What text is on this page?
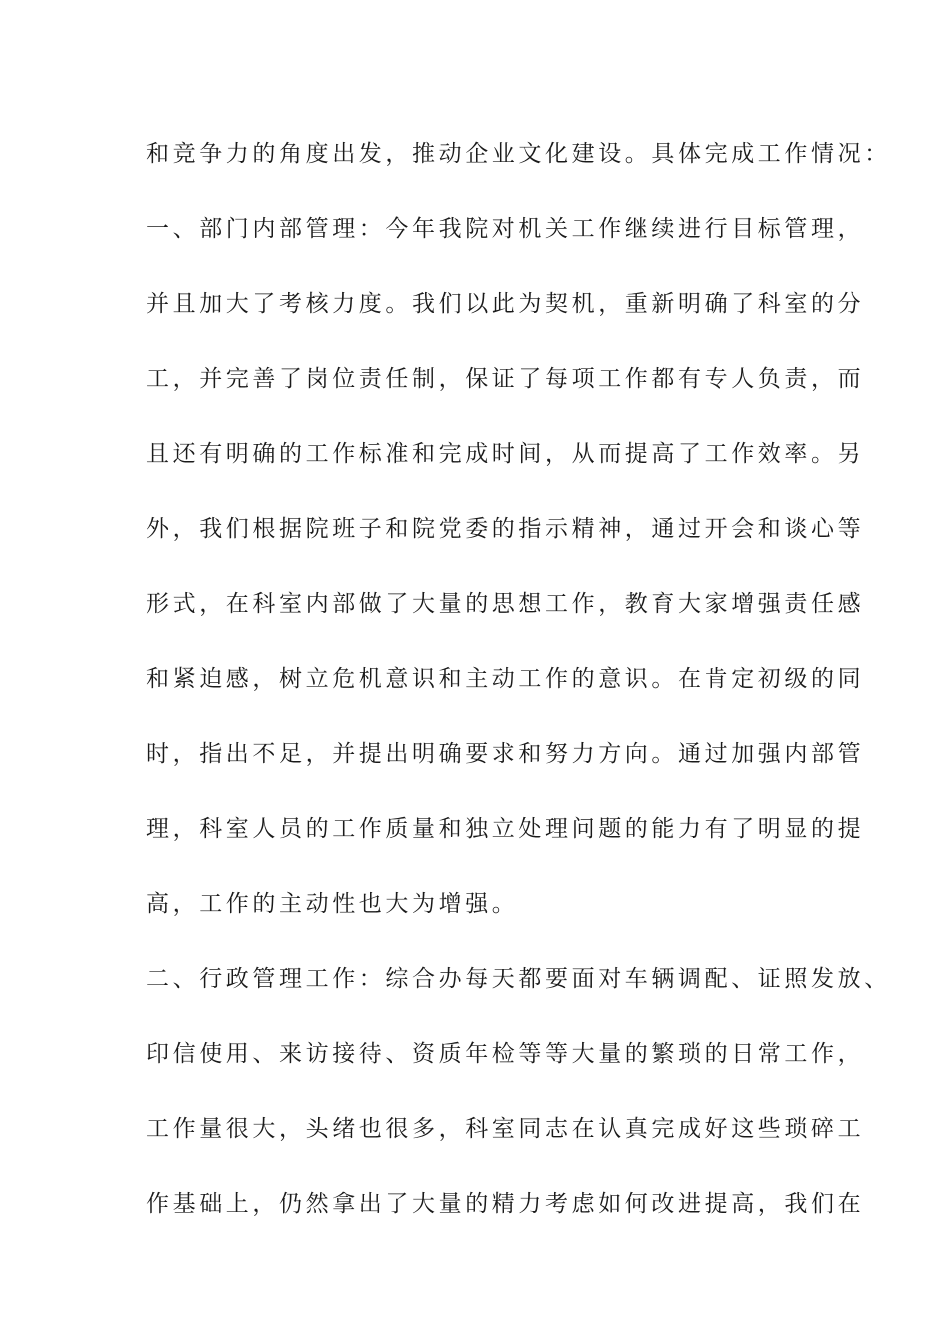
和竞争力的角度出发，推动企业文化建设。具体完成工作情况：
一、部门内部管理：今年我院对机关工作继续进行目标管理，
并且加大了考核力度。我们以此为契机，重新明确了科室的分
工，并完善了岗位责任制，保证了每项工作都有专人负责，而
且还有明确的工作标准和完成时间，从而提高了工作效率。另
外，我们根据院班子和院党委的指示精神，通过开会和谈心等
形式，在科室内部做了大量的思想工作，教育大家增强责任感
和紧迫感，树立危机意识和主动工作的意识。在肯定初级的同
时，指出不足，并提出明确要求和努力方向。通过加强内部管
理，科室人员的工作质量和独立处理问题的能力有了明显的提
高，工作的主动性也大为增强。
二、行政管理工作：综合办每天都要面对车辆调配、证照发放、
印信使用、来访接待、资质年检等等大量的繁琐的日常工作，
工作量很大，头绪也很多，科室同志在认真完成好这些琐碎工
作基础上，仍然拿出了大量的精力考虑如何改进提高，我们在
